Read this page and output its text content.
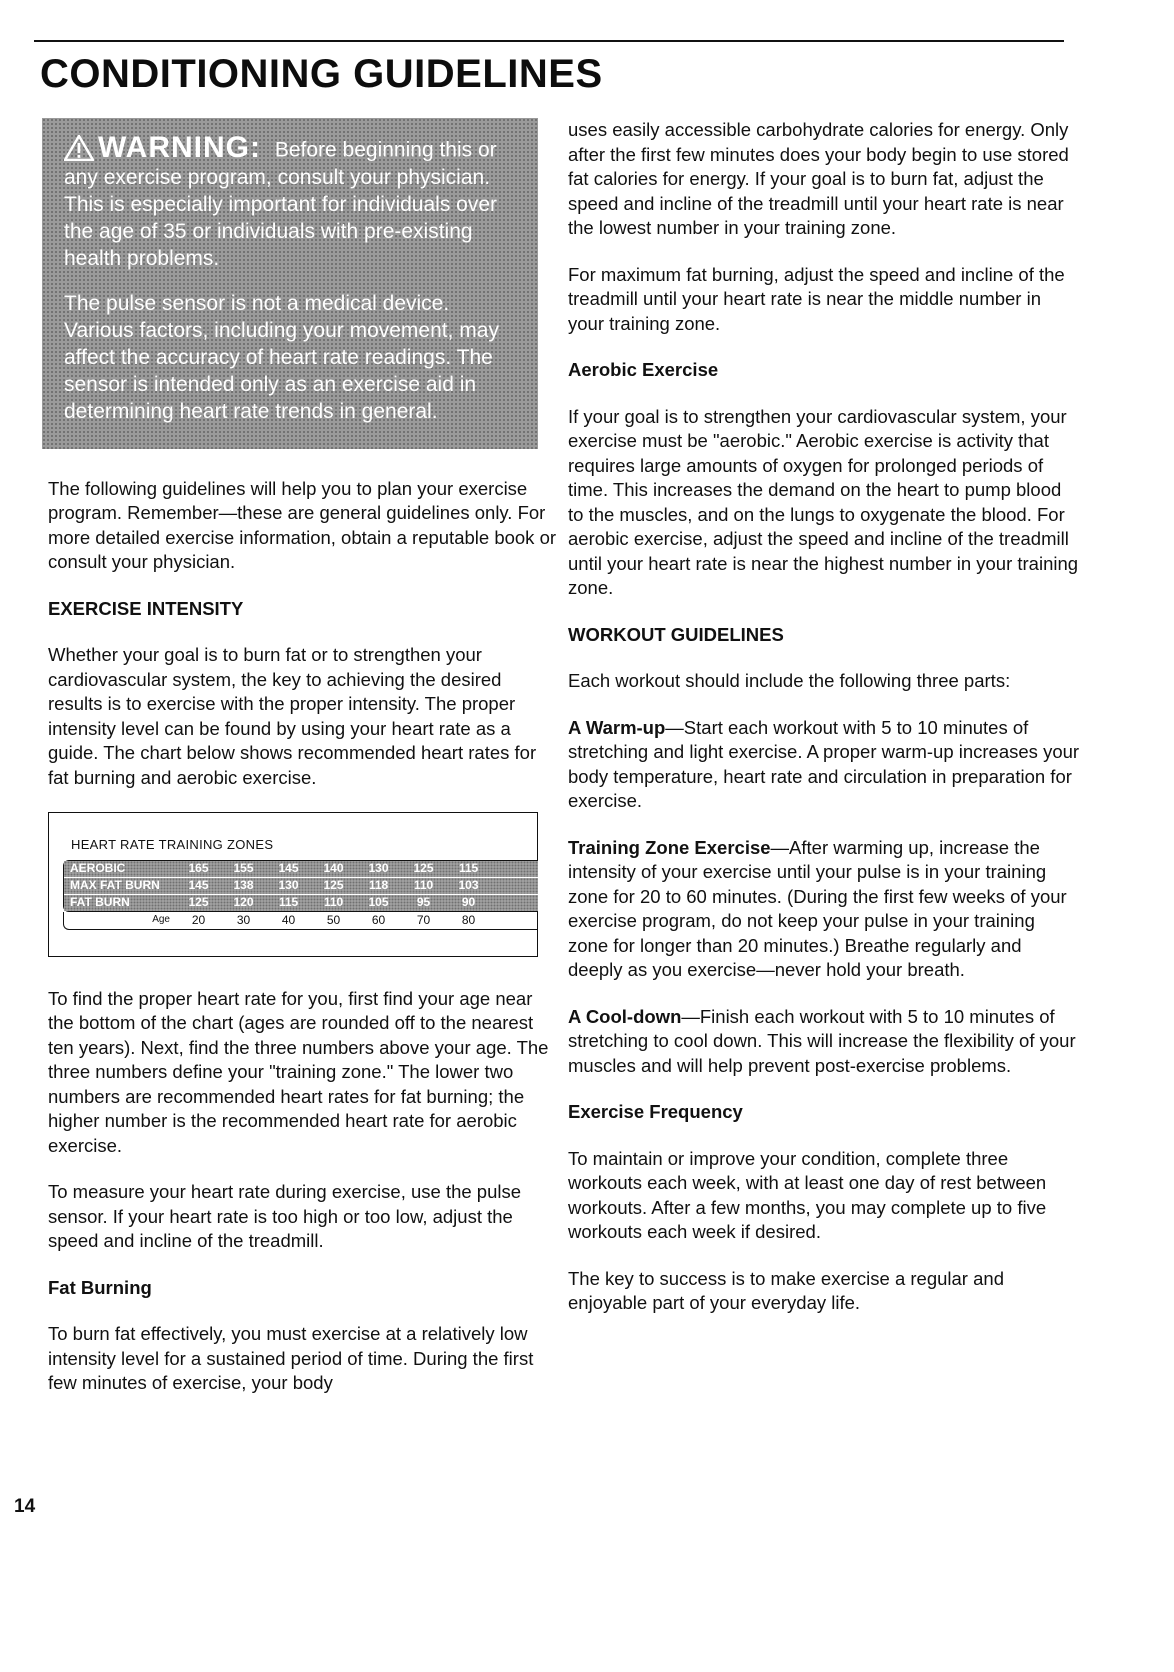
CONDITIONING GUIDELINES

WARNING: Before beginning this or any exercise program, consult your physician. This is especially important for individuals over the age of 35 or individuals with pre-existing health problems.

The pulse sensor is not a medical device. Various factors, including your movement, may affect the accuracy of heart rate readings. The sensor is intended only as an exercise aid in determining heart rate trends in general.

The following guidelines will help you to plan your exercise program. Remember—these are general guidelines only. For more detailed exercise information, obtain a reputable book or consult your physician.

EXERCISE INTENSITY

Whether your goal is to burn fat or to strengthen your cardiovascular system, the key to achieving the desired results is to exercise with the proper intensity. The proper intensity level can be found by using your heart rate as a guide. The chart below shows recommended heart rates for fat burning and aerobic exercise.

HEART RATE TRAINING ZONES
AEROBIC	165	155	145	140	130	125	115
MAX FAT BURN	145	138	130	125	118	110	103
FAT BURN	125	120	115	110	105	95	90
Age	20	30	40	50	60	70	80

To find the proper heart rate for you, first find your age near the bottom of the chart (ages are rounded off to the nearest ten years). Next, find the three numbers above your age. The three numbers define your "training zone." The lower two numbers are recommended heart rates for fat burning; the higher number is the recommended heart rate for aerobic exercise.

To measure your heart rate during exercise, use the pulse sensor. If your heart rate is too high or too low, adjust the speed and incline of the treadmill.

Fat Burning

To burn fat effectively, you must exercise at a relatively low intensity level for a sustained period of time. During the first few minutes of exercise, your body

uses easily accessible carbohydrate calories for energy. Only after the first few minutes does your body begin to use stored fat calories for energy. If your goal is to burn fat, adjust the speed and incline of the treadmill until your heart rate is near the lowest number in your training zone.

For maximum fat burning, adjust the speed and incline of the treadmill until your heart rate is near the middle number in your training zone.

Aerobic Exercise

If your goal is to strengthen your cardiovascular system, your exercise must be "aerobic." Aerobic exercise is activity that requires large amounts of oxygen for prolonged periods of time. This increases the demand on the heart to pump blood to the muscles, and on the lungs to oxygenate the blood. For aerobic exercise, adjust the speed and incline of the treadmill until your heart rate is near the highest number in your training zone.

WORKOUT GUIDELINES

Each workout should include the following three parts:

A Warm-up—Start each workout with 5 to 10 minutes of stretching and light exercise. A proper warm-up increases your body temperature, heart rate and circulation in preparation for exercise.

Training Zone Exercise—After warming up, increase the intensity of your exercise until your pulse is in your training zone for 20 to 60 minutes. (During the first few weeks of your exercise program, do not keep your pulse in your training zone for longer than 20 minutes.) Breathe regularly and deeply as you exercise—never hold your breath.

A Cool-down—Finish each workout with 5 to 10 minutes of stretching to cool down. This will increase the flexibility of your muscles and will help prevent post-exercise problems.

Exercise Frequency

To maintain or improve your condition, complete three workouts each week, with at least one day of rest between workouts. After a few months, you may complete up to five workouts each week if desired.

The key to success is to make exercise a regular and enjoyable part of your everyday life.

14
